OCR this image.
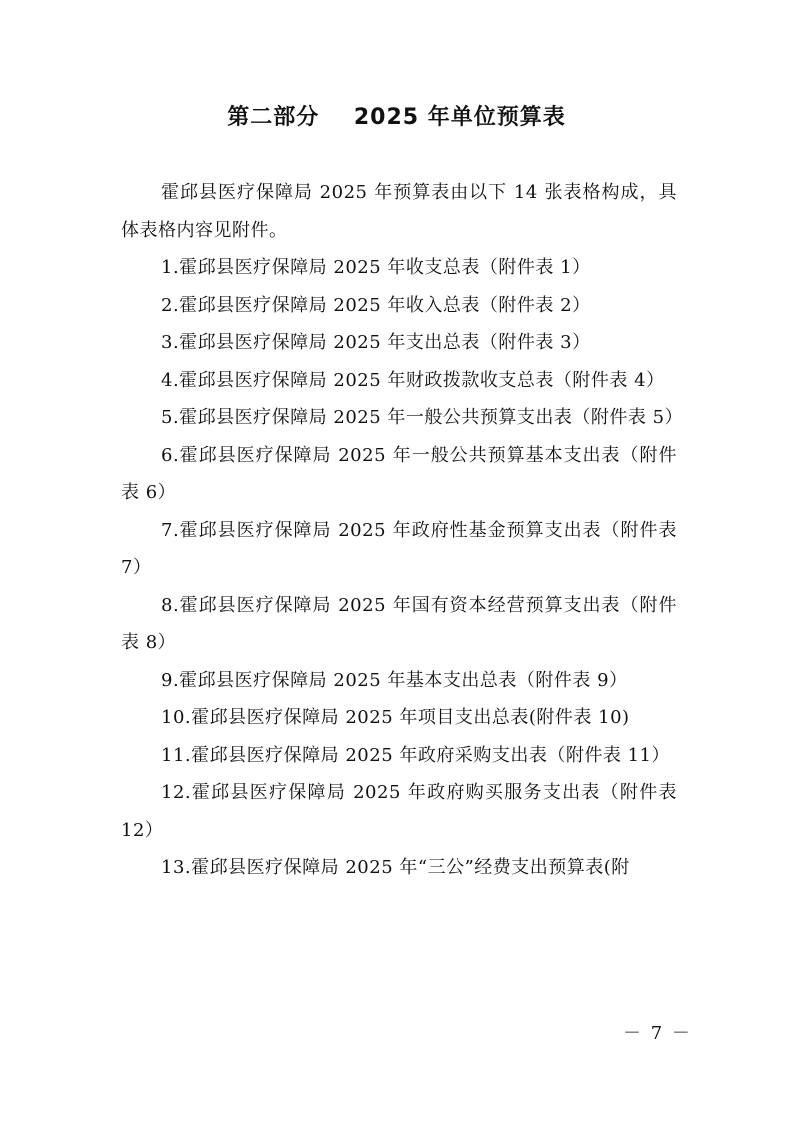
第二部分    2025 年单位预算表

霍邱县医疗保障局 2025 年预算表由以下 14 张表格构成，具体表格内容见附件。

1.霍邱县医疗保障局 2025 年收支总表（附件表 1）

2.霍邱县医疗保障局 2025 年收入总表（附件表 2）

3.霍邱县医疗保障局 2025 年支出总表（附件表 3）

4.霍邱县医疗保障局 2025 年财政拨款收支总表（附件表 4）

5.霍邱县医疗保障局 2025 年一般公共预算支出表（附件表 5）

6.霍邱县医疗保障局 2025 年一般公共预算基本支出表（附件表 6）

7.霍邱县医疗保障局 2025 年政府性基金预算支出表（附件表 7）

8.霍邱县医疗保障局 2025 年国有资本经营预算支出表（附件表 8）

9.霍邱县医疗保障局 2025 年基本支出总表（附件表 9）

10.霍邱县医疗保障局 2025 年项目支出总表(附件表 10)

11.霍邱县医疗保障局 2025 年政府采购支出表（附件表 11）

12.霍邱县医疗保障局 2025 年政府购买服务支出表（附件表 12）

13.霍邱县医疗保障局 2025 年“三公”经费支出预算表(附

－ 7 －
